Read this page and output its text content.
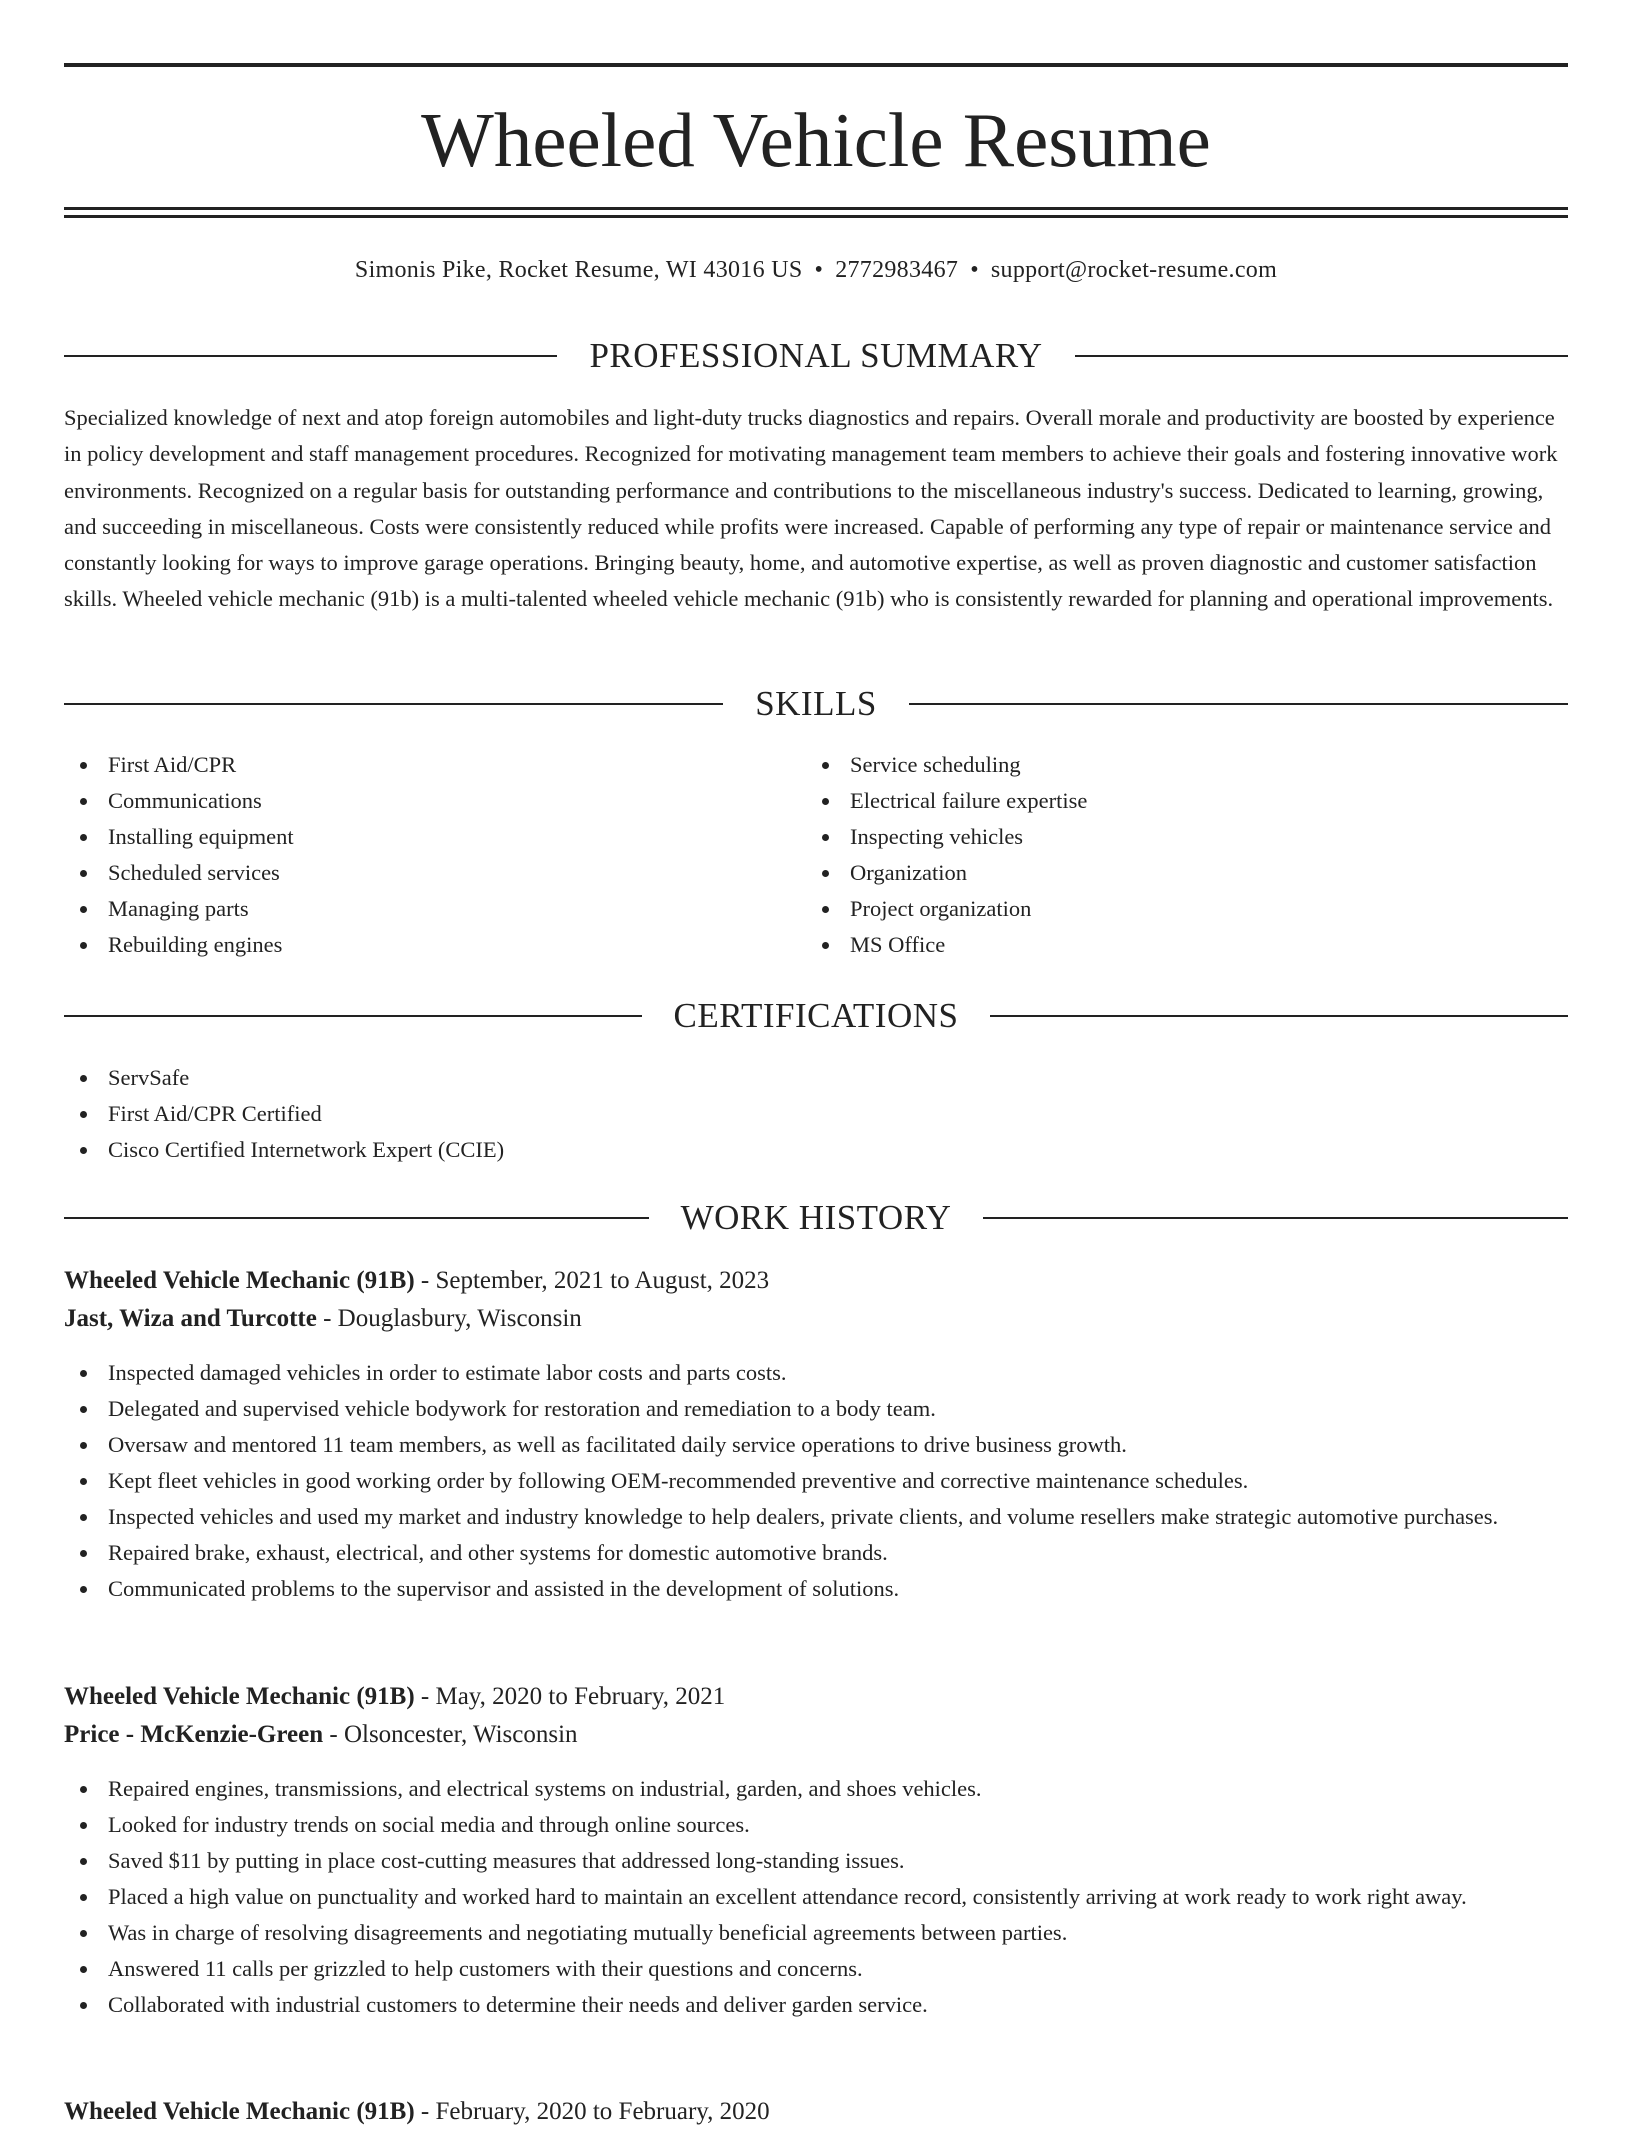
Wheeled Vehicle Resume
Simonis Pike, Rocket Resume, WI 43016 US • 2772983467 • support@rocket-resume.com
PROFESSIONAL SUMMARY

Specialized knowledge of next and atop foreign automobiles and light-duty trucks diagnostics and repairs. Overall morale and productivity are boosted by experience in policy development and staff management procedures. Recognized for motivating management team members to achieve their goals and fostering innovative work environments. Recognized on a regular basis for outstanding performance and contributions to the miscellaneous industry's success. Dedicated to learning, growing, and succeeding in miscellaneous. Costs were consistently reduced while profits were increased. Capable of performing any type of repair or maintenance service and constantly looking for ways to improve garage operations. Bringing beauty, home, and automotive expertise, as well as proven diagnostic and customer satisfaction skills. Wheeled vehicle mechanic (91b) is a multi-talented wheeled vehicle mechanic (91b) who is consistently rewarded for planning and operational improvements.

SKILLS
First Aid/CPR
Communications
Installing equipment
Scheduled services
Managing parts
Rebuilding engines
Service scheduling
Electrical failure expertise
Inspecting vehicles
Organization
Project organization
MS Office
CERTIFICATIONS
ServSafe
First Aid/CPR Certified
Cisco Certified Internetwork Expert (CCIE)
WORK HISTORY
Wheeled Vehicle Mechanic (91B) - September, 2021 to August, 2023
Jast, Wiza and Turcotte - Douglasbury, Wisconsin
Inspected damaged vehicles in order to estimate labor costs and parts costs.
Delegated and supervised vehicle bodywork for restoration and remediation to a body team.
Oversaw and mentored 11 team members, as well as facilitated daily service operations to drive business growth.
Kept fleet vehicles in good working order by following OEM-recommended preventive and corrective maintenance schedules.
Inspected vehicles and used my market and industry knowledge to help dealers, private clients, and volume resellers make strategic automotive purchases.
Repaired brake, exhaust, electrical, and other systems for domestic automotive brands.
Communicated problems to the supervisor and assisted in the development of solutions.
Wheeled Vehicle Mechanic (91B) - May, 2020 to February, 2021
Price - McKenzie-Green - Olsoncester, Wisconsin
Repaired engines, transmissions, and electrical systems on industrial, garden, and shoes vehicles.
Looked for industry trends on social media and through online sources.
Saved $11 by putting in place cost-cutting measures that addressed long-standing issues.
Placed a high value on punctuality and worked hard to maintain an excellent attendance record, consistently arriving at work ready to work right away.
Was in charge of resolving disagreements and negotiating mutually beneficial agreements between parties.
Answered 11 calls per grizzled to help customers with their questions and concerns.
Collaborated with industrial customers to determine their needs and deliver garden service.
Wheeled Vehicle Mechanic (91B) - February, 2020 to February, 2020
